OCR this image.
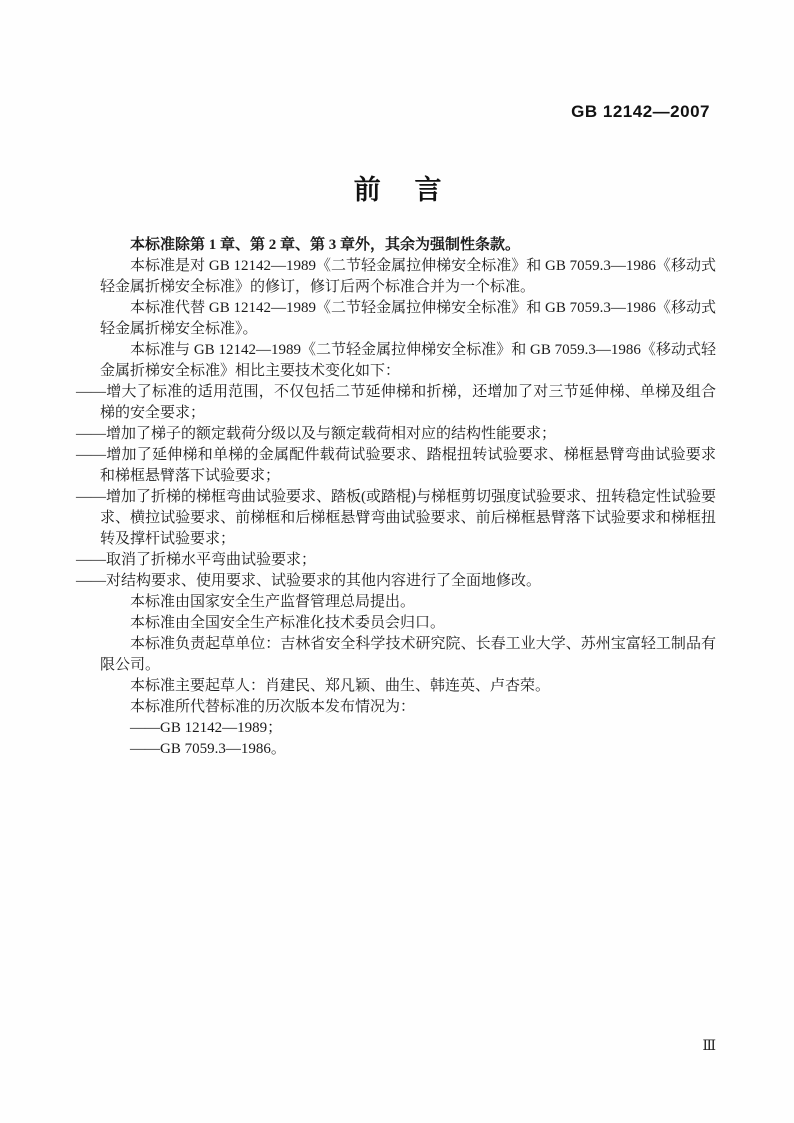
GB 12142—2007
前言

本标准除第 1 章、第 2 章、第 3 章外，其余为强制性条款。

本标准是对 GB 12142—1989《二节轻金属拉伸梯安全标准》和 GB 7059.3—1986《移动式轻金属折梯安全标准》的修订，修订后两个标准合并为一个标准。

本标准代替 GB 12142—1989《二节轻金属拉伸梯安全标准》和 GB 7059.3—1986《移动式轻金属折梯安全标准》。

本标准与 GB 12142—1989《二节轻金属拉伸梯安全标准》和 GB 7059.3—1986《移动式轻金属折梯安全标准》相比主要技术变化如下：

——增大了标准的适用范围，不仅包括二节延伸梯和折梯，还增加了对三节延伸梯、单梯及组合梯的安全要求；

——增加了梯子的额定载荷分级以及与额定载荷相对应的结构性能要求；

——增加了延伸梯和单梯的金属配件载荷试验要求、踏棍扭转试验要求、梯框悬臂弯曲试验要求和梯框悬臂落下试验要求；

——增加了折梯的梯框弯曲试验要求、踏板(或踏棍)与梯框剪切强度试验要求、扭转稳定性试验要求、横拉试验要求、前梯框和后梯框悬臂弯曲试验要求、前后梯框悬臂落下试验要求和梯框扭转及撑杆试验要求；

——取消了折梯水平弯曲试验要求；

——对结构要求、使用要求、试验要求的其他内容进行了全面地修改。

本标准由国家安全生产监督管理总局提出。

本标准由全国安全生产标准化技术委员会归口。

本标准负责起草单位：吉林省安全科学技术研究院、长春工业大学、苏州宝富轻工制品有限公司。

本标准主要起草人：肖建民、郑凡颖、曲生、韩连英、卢杏荣。

本标准所代替标准的历次版本发布情况为：

——GB 12142—1989；

——GB 7059.3—1986。

Ⅲ
